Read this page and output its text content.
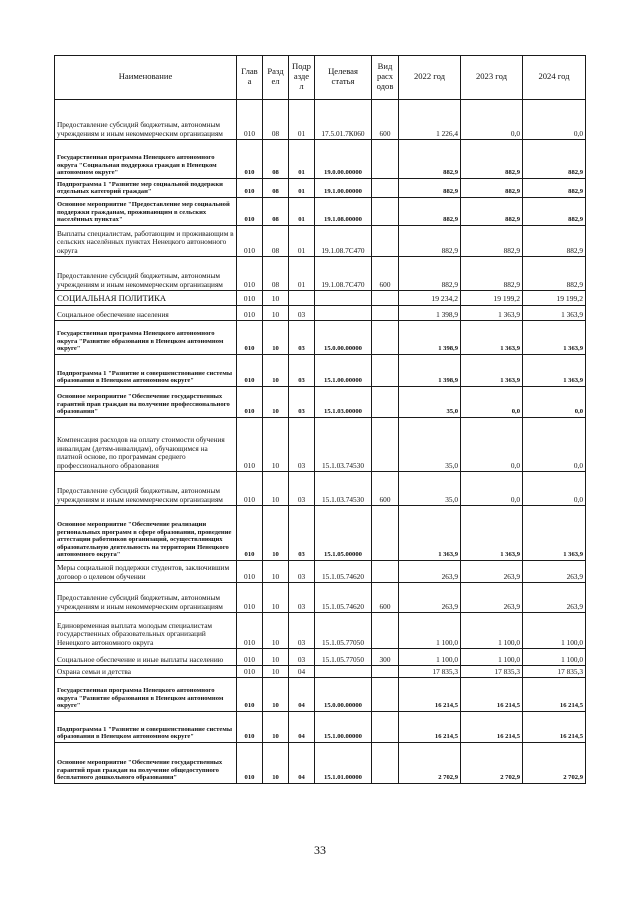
Наименование	Глав а	Разд ел	Подр азде л	Целевая статья	Вид расх одов	2022 год	2023 год	2024 год
Предоставление субсидий бюджетным, автономным учреждениям и иным некоммерческим организациям	010	08	01	17.5.01.7К060	600	1 226,4	0,0	0,0
Государственная программа Ненецкого автономного округа "Социальная поддержка граждан в Ненецком автономном округе"	010	08	01	19.0.00.00000		882,9	882,9	882,9
Подпрограмма 1 "Развитие мер социальной поддержки отдельных категорий граждан"	010	08	01	19.1.00.00000		882,9	882,9	882,9
Основное мероприятие "Предоставление мер социальной поддержки гражданам, проживающим в сельских населённых пунктах"	010	08	01	19.1.08.00000		882,9	882,9	882,9
Выплаты специалистам, работающим и проживающим в сельских населённых пунктах Ненецкого автономного округа	010	08	01	19.1.08.7С470		882,9	882,9	882,9
Предоставление субсидий бюджетным, автономным учреждениям и иным некоммерческим организациям	010	08	01	19.1.08.7С470	600	882,9	882,9	882,9
СОЦИАЛЬНАЯ ПОЛИТИКА	010	10				19 234,2	19 199,2	19 199,2
Социальное обеспечение населения	010	10	03			1 398,9	1 363,9	1 363,9
Государственная программа Ненецкого автономного округа "Развитие образования в Ненецком автономном округе"	010	10	03	15.0.00.00000		1 398,9	1 363,9	1 363,9
Подпрограмма 1 "Развитие и совершенствование системы образования в Ненецком автономном округе"	010	10	03	15.1.00.00000		1 398,9	1 363,9	1 363,9
Основное мероприятие "Обеспечение государственных гарантий прав граждан на получение профессионального образования"	010	10	03	15.1.03.00000		35,0	0,0	0,0
Компенсация расходов на оплату стоимости обучения инвалидам (детям-инвалидам), обучающимся на платной основе, по программам среднего профессионального образования	010	10	03	15.1.03.74530		35,0	0,0	0,0
Предоставление субсидий бюджетным, автономным учреждениям и иным некоммерческим организациям	010	10	03	15.1.03.74530	600	35,0	0,0	0,0
Основное мероприятие "Обеспечение реализации региональных программ в сфере образования, проведение аттестации работников организаций, осуществляющих образовательную деятельность на территории Ненецкого автономного округа"	010	10	03	15.1.05.00000		1 363,9	1 363,9	1 363,9
Меры социальной поддержки студентов, заключившим договор о целевом обучении	010	10	03	15.1.05.74620		263,9	263,9	263,9
Предоставление субсидий бюджетным, автономным учреждениям и иным некоммерческим организациям	010	10	03	15.1.05.74620	600	263,9	263,9	263,9
Единовременная выплата молодым специалистам государственных образовательных организаций Ненецкого автономного округа	010	10	03	15.1.05.77050		1 100,0	1 100,0	1 100,0
Социальное обеспечение и иные выплаты населению	010	10	03	15.1.05.77050	300	1 100,0	1 100,0	1 100,0
Охрана семьи и детства	010	10	04			17 835,3	17 835,3	17 835,3
Государственная программа Ненецкого автономного округа "Развитие образования в Ненецком автономном округе"	010	10	04	15.0.00.00000		16 214,5	16 214,5	16 214,5
Подпрограмма 1 "Развитие и совершенствование системы образования в Ненецком автономном округе"	010	10	04	15.1.00.00000		16 214,5	16 214,5	16 214,5
Основное мероприятие "Обеспечение государственных гарантий прав граждан на получение общедоступного бесплатного дошкольного образования"	010	10	04	15.1.01.00000		2 702,9	2 702,9	2 702,9
33
